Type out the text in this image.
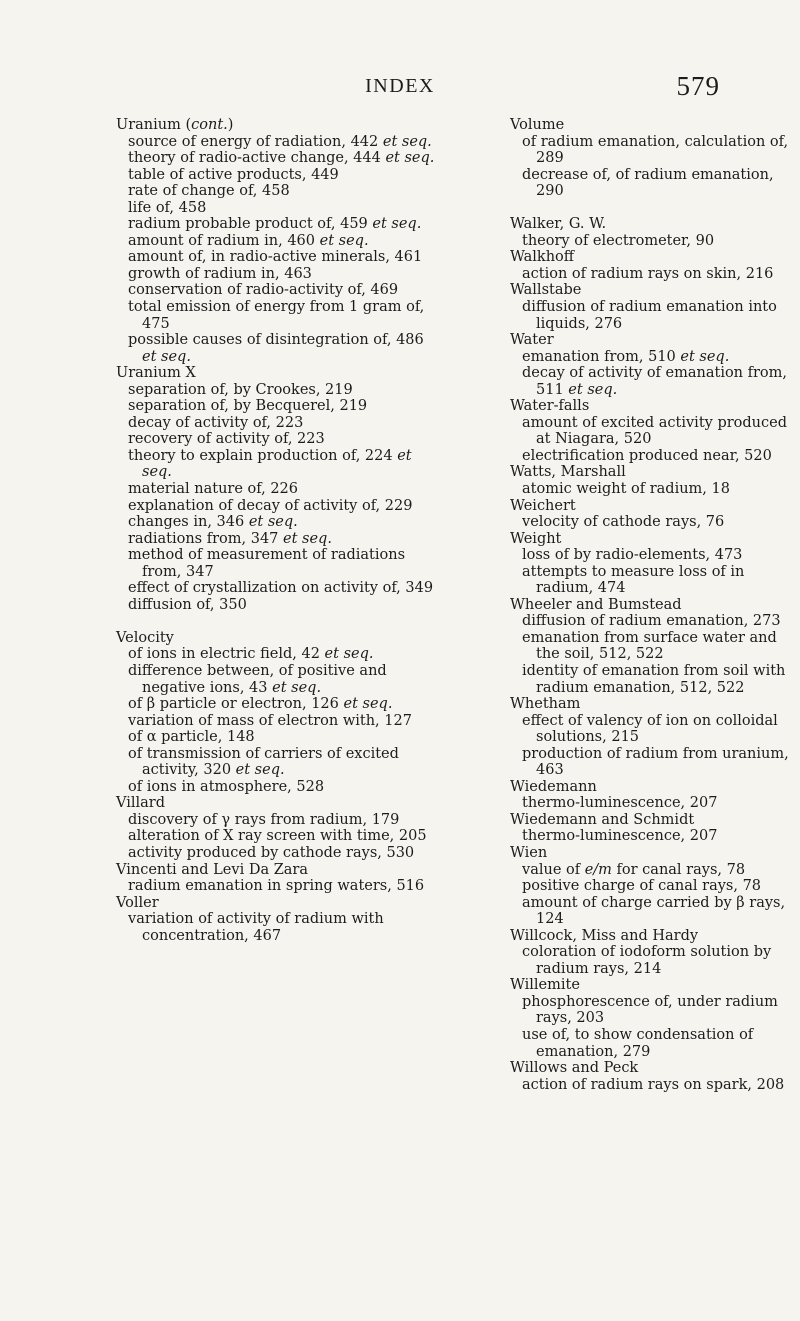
INDEX	579
Uranium (cont.)
source of energy of radiation, 442 et seq.
theory of radio-active change, 444 et seq.
table of active products, 449
rate of change of, 458
life of, 458
radium probable product of, 459 et seq.
amount of radium in, 460 et seq.
amount of, in radio-active minerals, 461
growth of radium in, 463
conservation of radio-activity of, 469
total emission of energy from 1 gram of, 475
possible causes of disintegration of, 486 et seq.
Uranium X
separation of, by Crookes, 219
separation of, by Becquerel, 219
decay of activity of, 223
recovery of activity of, 223
theory to explain production of, 224 et seq.
material nature of, 226
explanation of decay of activity of, 229
changes in, 346 et seq.
radiations from, 347 et seq.
method of measurement of radiations from, 347
effect of crystallization on activity of, 349
diffusion of, 350
Velocity
of ions in electric field, 42 et seq.
difference between, of positive and negative ions, 43 et seq.
of β particle or electron, 126 et seq.
variation of mass of electron with, 127
of α particle, 148
of transmission of carriers of excited activity, 320 et seq.
of ions in atmosphere, 528
Villard
discovery of γ rays from radium, 179
alteration of X ray screen with time, 205
activity produced by cathode rays, 530
Vincenti and Levi Da Zara
radium emanation in spring waters, 516
Voller
variation of activity of radium with concentration, 467
Volume
of radium emanation, calculation of, 289
decrease of, of radium emanation, 290
Walker, G. W.
theory of electrometer, 90
Walkhoff
action of radium rays on skin, 216
Wallstabe
diffusion of radium emanation into liquids, 276
Water
emanation from, 510 et seq.
decay of activity of emanation from, 511 et seq.
Water-falls
amount of excited activity produced at Niagara, 520
electrification produced near, 520
Watts, Marshall
atomic weight of radium, 18
Weichert
velocity of cathode rays, 76
Weight
loss of by radio-elements, 473
attempts to measure loss of in radium, 474
Wheeler and Bumstead
diffusion of radium emanation, 273
emanation from surface water and the soil, 512, 522
identity of emanation from soil with radium emanation, 512, 522
Whetham
effect of valency of ion on colloidal solutions, 215
production of radium from uranium, 463
Wiedemann
thermo-luminescence, 207
Wiedemann and Schmidt
thermo-luminescence, 207
Wien
value of e/m for canal rays, 78
positive charge of canal rays, 78
amount of charge carried by β rays, 124
Willcock, Miss and Hardy
coloration of iodoform solution by radium rays, 214
Willemite
phosphorescence of, under radium rays, 203
use of, to show condensation of emanation, 279
Willows and Peck
action of radium rays on spark, 208
